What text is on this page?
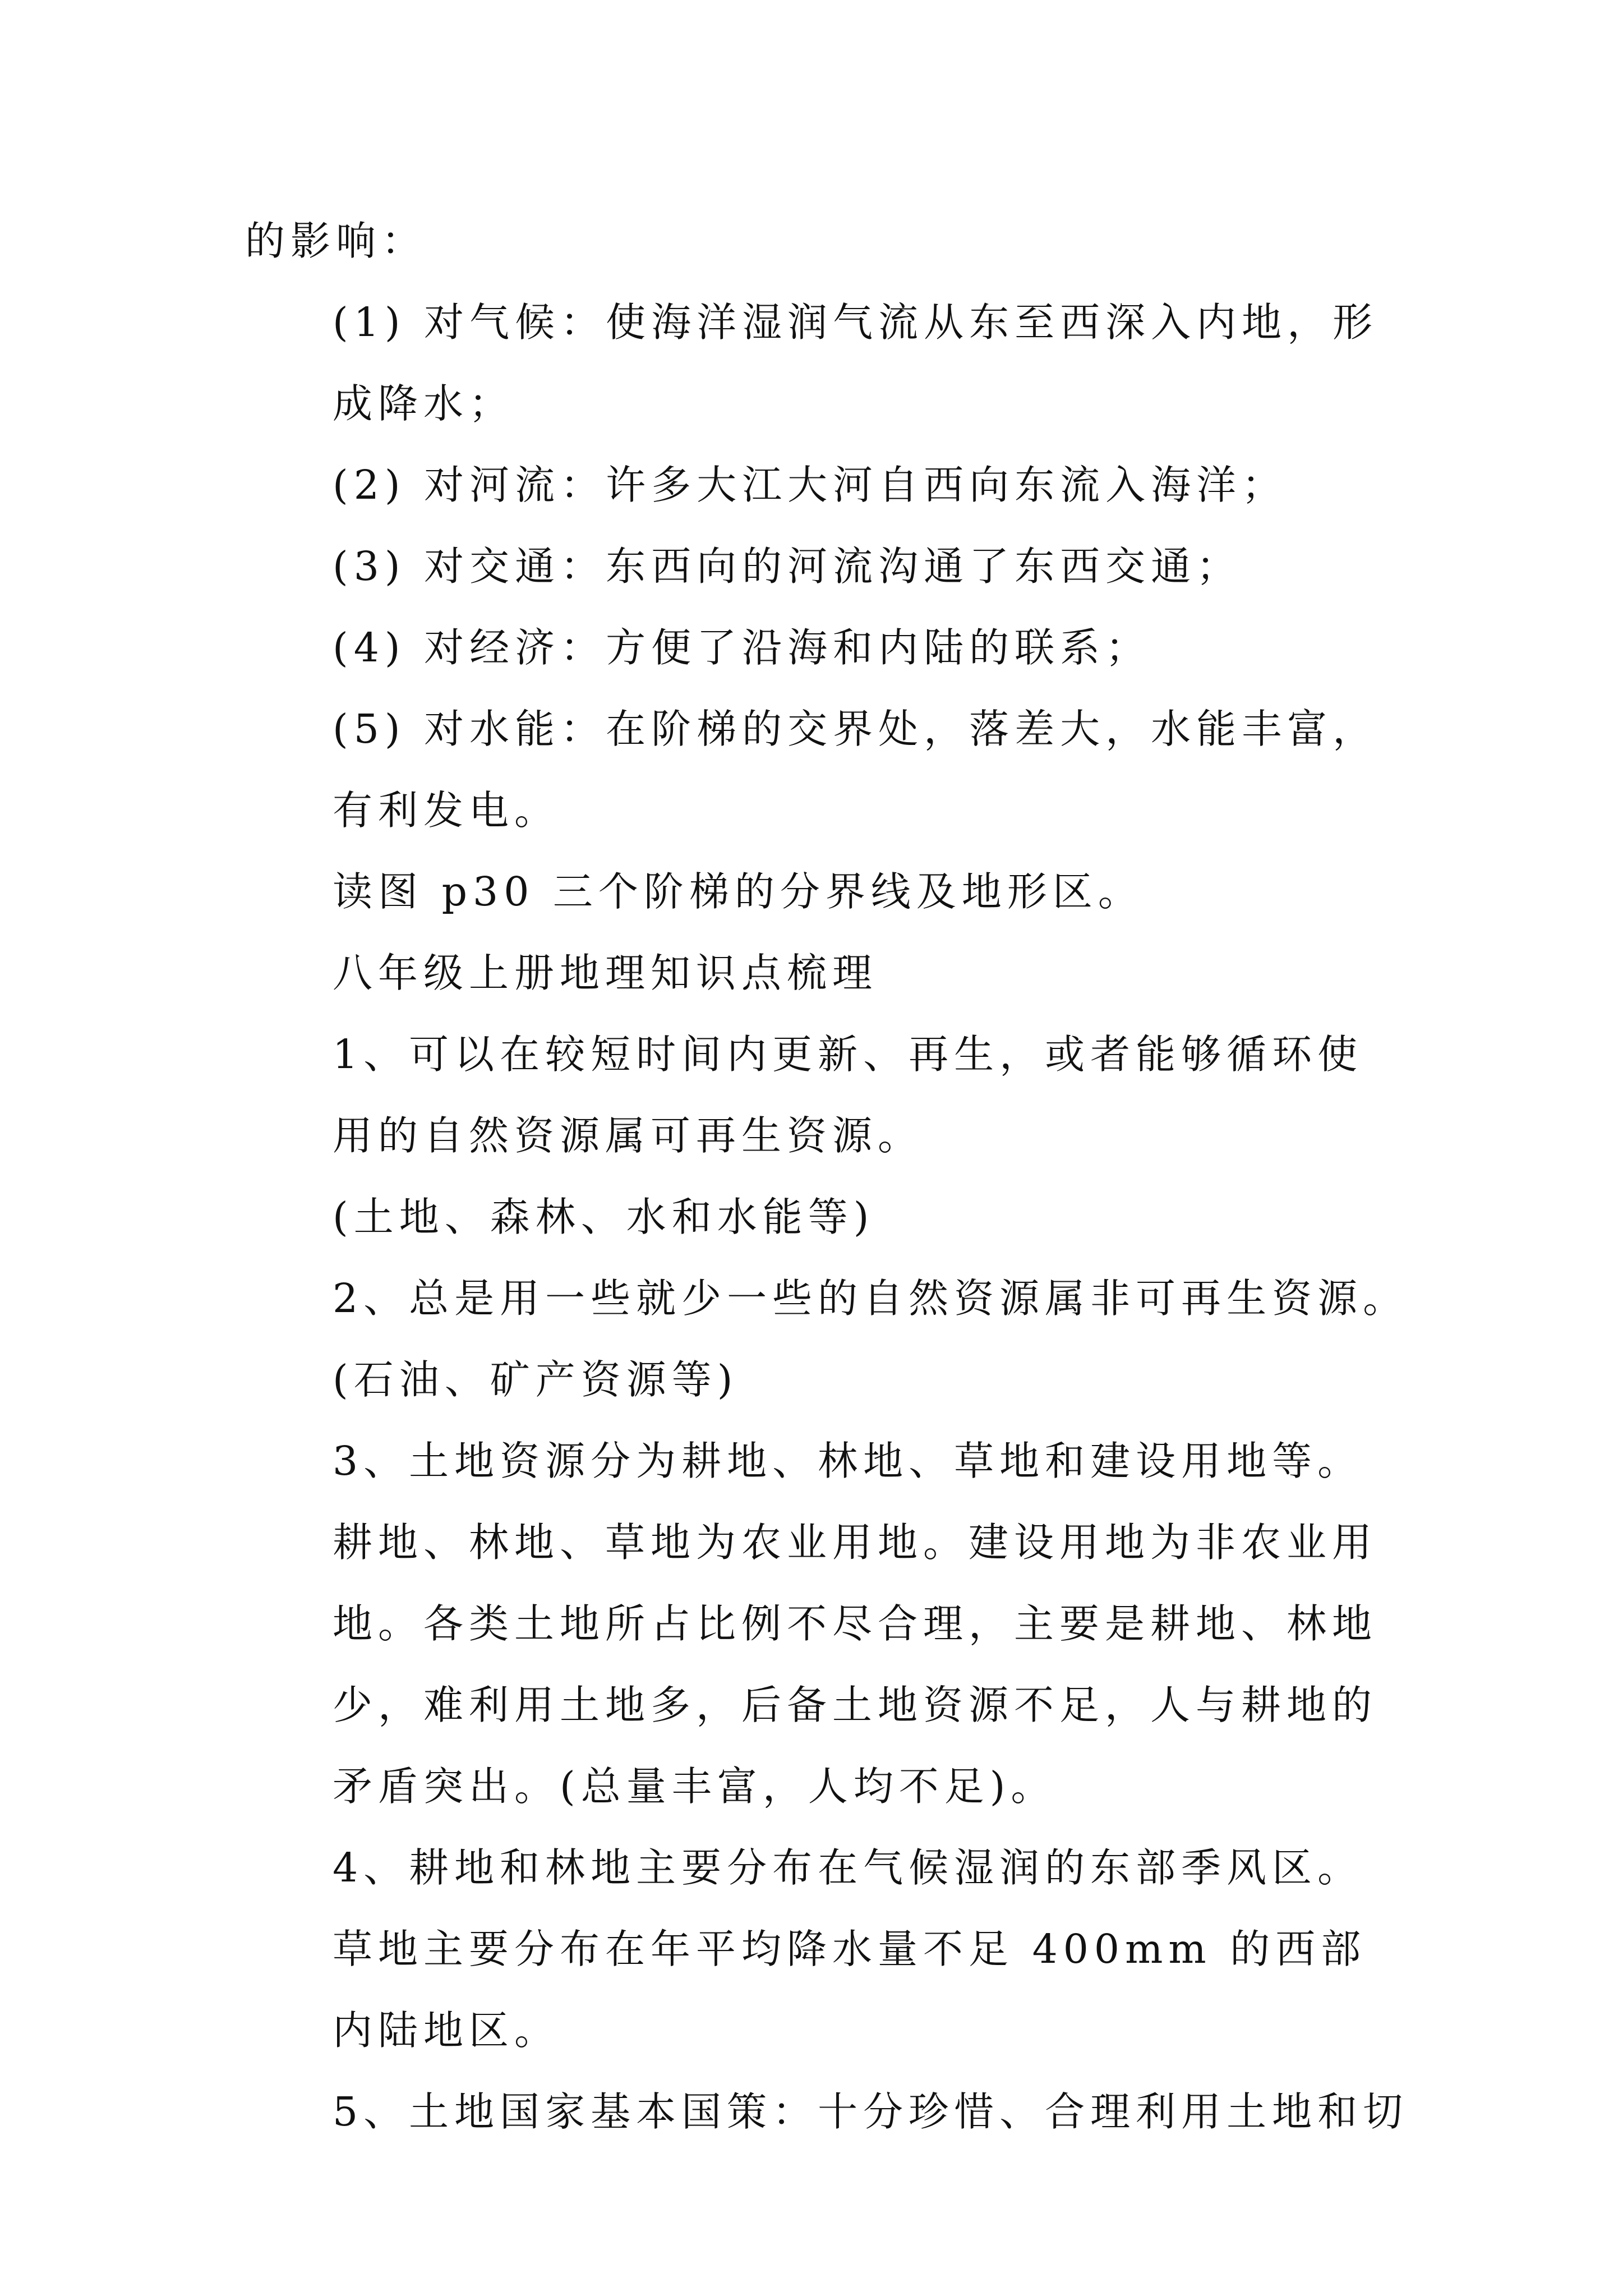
的影响：

(1) 对气候：使海洋湿润气流从东至西深入内地，形成降水；

(2) 对河流：许多大江大河自西向东流入海洋；

(3) 对交通：东西向的河流沟通了东西交通；

(4) 对经济：方便了沿海和内陆的联系；

(5) 对水能：在阶梯的交界处，落差大，水能丰富，有利发电。

读图 p30 三个阶梯的分界线及地形区。

八年级上册地理知识点梳理

1、可以在较短时间内更新、再生，或者能够循环使用的自然资源属可再生资源。

(土地、森林、水和水能等)

2、总是用一些就少一些的自然资源属非可再生资源。

(石油、矿产资源等)

3、土地资源分为耕地、林地、草地和建设用地等。

耕地、林地、草地为农业用地。建设用地为非农业用地。各类土地所占比例不尽合理，主要是耕地、林地少，难利用土地多，后备土地资源不足，人与耕地的矛盾突出。(总量丰富，人均不足)。

4、耕地和林地主要分布在气候湿润的东部季风区。

草地主要分布在年平均降水量不足 400mm 的西部内陆地区。

5、土地国家基本国策：十分珍惜、合理利用土地和切
